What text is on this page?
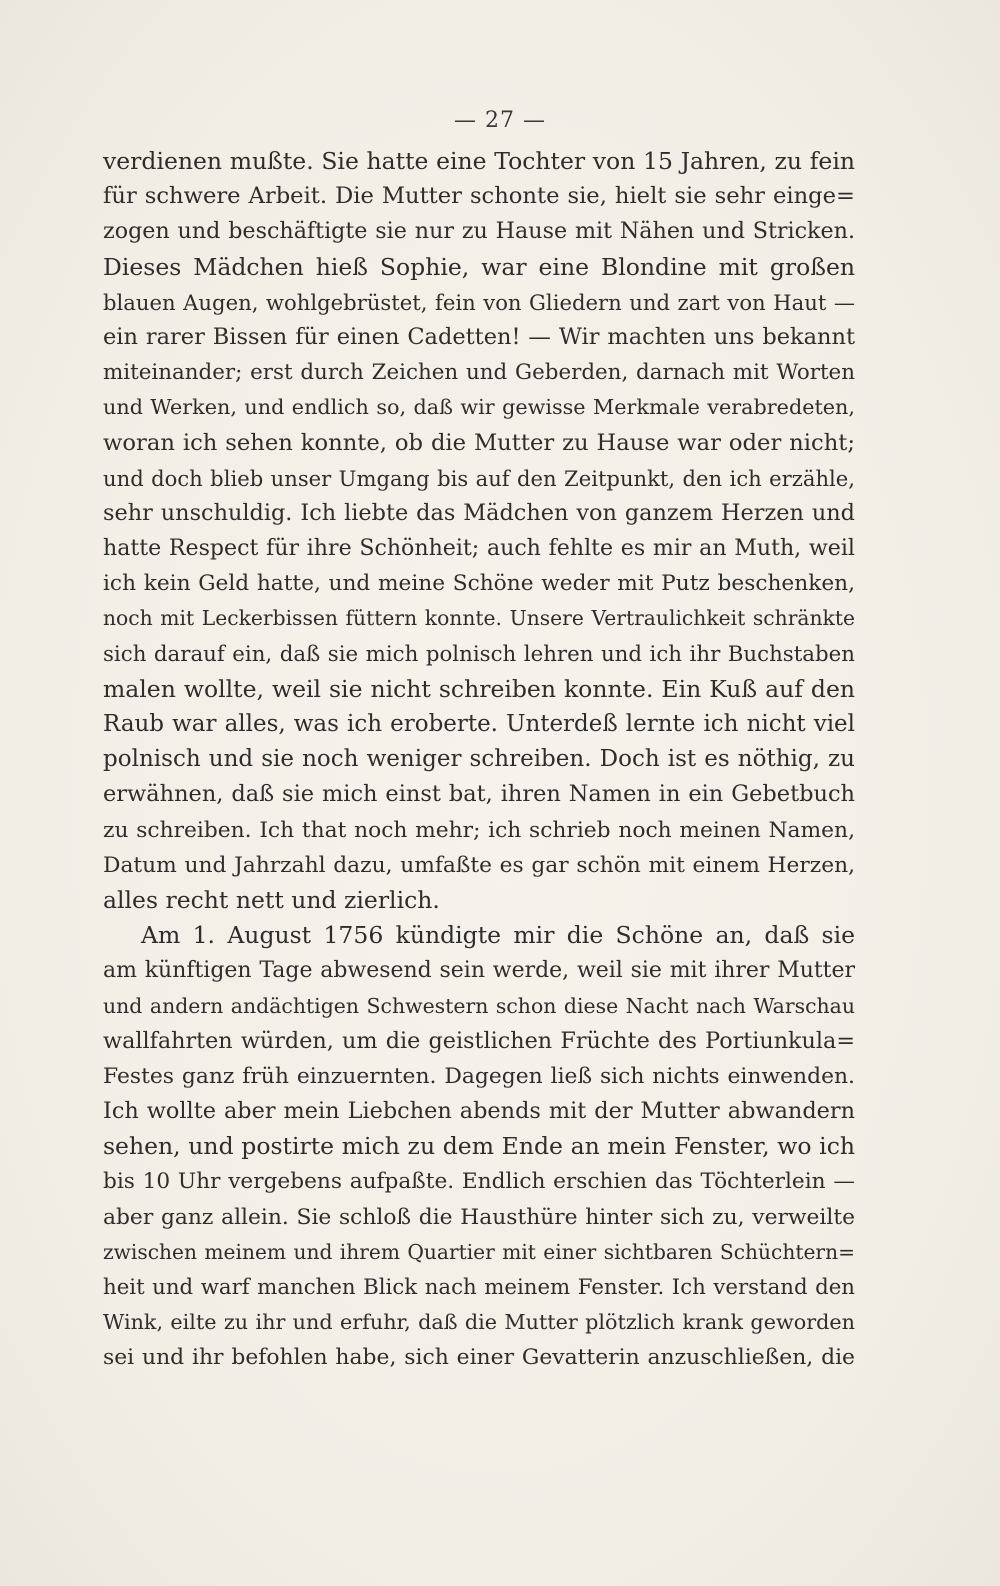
— 27 —
verdienen mußte. Sie hatte eine Tochter von 15 Jahren, zu fein
für schwere Arbeit. Die Mutter schonte sie, hielt sie sehr einge=
zogen und beschäftigte sie nur zu Hause mit Nähen und Stricken.
Dieses Mädchen hieß Sophie, war eine Blondine mit großen
blauen Augen, wohlgebrüstet, fein von Gliedern und zart von Haut —
ein rarer Bissen für einen Cadetten! — Wir machten uns bekannt
miteinander; erst durch Zeichen und Geberden, darnach mit Worten
und Werken, und endlich so, daß wir gewisse Merkmale verabredeten,
woran ich sehen konnte, ob die Mutter zu Hause war oder nicht;
und doch blieb unser Umgang bis auf den Zeitpunkt, den ich erzähle,
sehr unschuldig. Ich liebte das Mädchen von ganzem Herzen und
hatte Respect für ihre Schönheit; auch fehlte es mir an Muth, weil
ich kein Geld hatte, und meine Schöne weder mit Putz beschenken,
noch mit Leckerbissen füttern konnte. Unsere Vertraulichkeit schränkte
sich darauf ein, daß sie mich polnisch lehren und ich ihr Buchstaben
malen wollte, weil sie nicht schreiben konnte. Ein Kuß auf den
Raub war alles, was ich eroberte. Unterdeß lernte ich nicht viel
polnisch und sie noch weniger schreiben. Doch ist es nöthig, zu
erwähnen, daß sie mich einst bat, ihren Namen in ein Gebetbuch
zu schreiben. Ich that noch mehr; ich schrieb noch meinen Namen,
Datum und Jahrzahl dazu, umfaßte es gar schön mit einem Herzen,
alles recht nett und zierlich.
Am 1. August 1756 kündigte mir die Schöne an, daß sie
am künftigen Tage abwesend sein werde, weil sie mit ihrer Mutter
und andern andächtigen Schwestern schon diese Nacht nach Warschau
wallfahrten würden, um die geistlichen Früchte des Portiunkula=
Festes ganz früh einzuernten. Dagegen ließ sich nichts einwenden.
Ich wollte aber mein Liebchen abends mit der Mutter abwandern
sehen, und postirte mich zu dem Ende an mein Fenster, wo ich
bis 10 Uhr vergebens aufpaßte. Endlich erschien das Töchterlein —
aber ganz allein. Sie schloß die Hausthüre hinter sich zu, verweilte
zwischen meinem und ihrem Quartier mit einer sichtbaren Schüchtern=
heit und warf manchen Blick nach meinem Fenster. Ich verstand den
Wink, eilte zu ihr und erfuhr, daß die Mutter plötzlich krank geworden
sei und ihr befohlen habe, sich einer Gevatterin anzuschließen, die
